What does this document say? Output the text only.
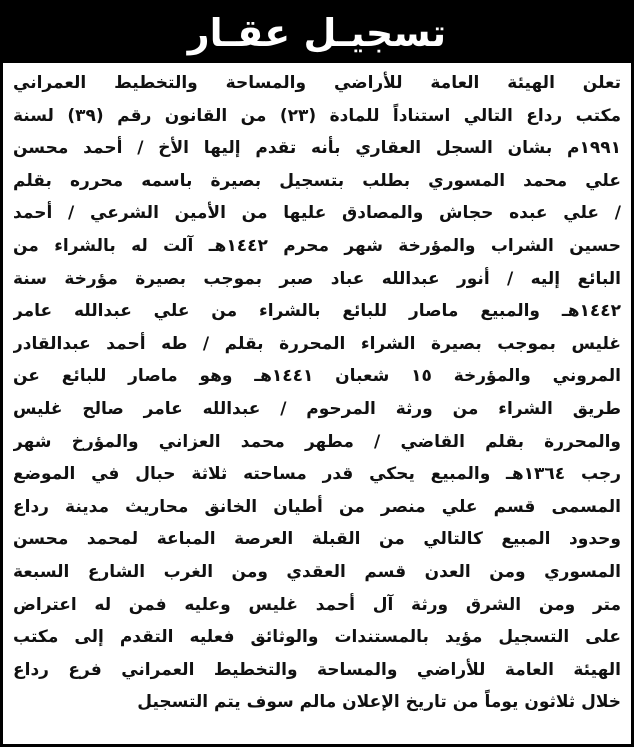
تسجيـل عقـار
تعلن الهيئة العامة للأراضي والمساحة والتخطيط العمراني
مكتب رداع التالي استناداً للمادة (٢٣) من القانون رقم (٣٩) لسنة
١٩٩١م بشان السجل العقاري بأنه تقدم إليها الأخ / أحمد محسن
علي محمد المسوري بطلب بتسجيل بصيرة باسمه محرره بقلم
/ علي عبده حجاش والمصادق عليها من الأمين الشرعي / أحمد
حسين الشراب والمؤرخة شهر محرم ١٤٤٢هـ آلت له بالشراء من
البائع إليه / أنور عبدالله عباد صبر بموجب بصيرة مؤرخة سنة
١٤٤٢هـ والمبيع ماصار للبائع بالشراء من علي عبدالله عامر
غليس بموجب بصيرة الشراء المحررة بقلم / طه أحمد عبدالقادر
المروني والمؤرخة ١٥ شعبان ١٤٤١هـ وهو ماصار للبائع عن
طريق الشراء من ورثة المرحوم / عبدالله عامر صالح غليس
والمحررة بقلم القاضي / مطهر محمد العزاني والمؤرخ شهر
رجب ١٣٦٤هـ والمبيع يحكي قدر مساحته ثلاثة حبال في الموضع
المسمى قسم علي منصر من أطيان الخانق محاريث مدينة رداع
وحدود المبيع كالتالي من القبلة العرصة المباعة لمحمد محسن
المسوري ومن العدن قسم العقدي ومن الغرب الشارع السبعة
متر ومن الشرق ورثة آل أحمد غليس وعليه فمن له اعتراض
على التسجيل مؤيد بالمستندات والوثائق فعليه التقدم إلى مكتب
الهيئة العامة للأراضي والمساحة والتخطيط العمراني فرع رداع
خلال ثلاثون يوماً من تاريخ الإعلان مالم سوف يتم التسجيل
